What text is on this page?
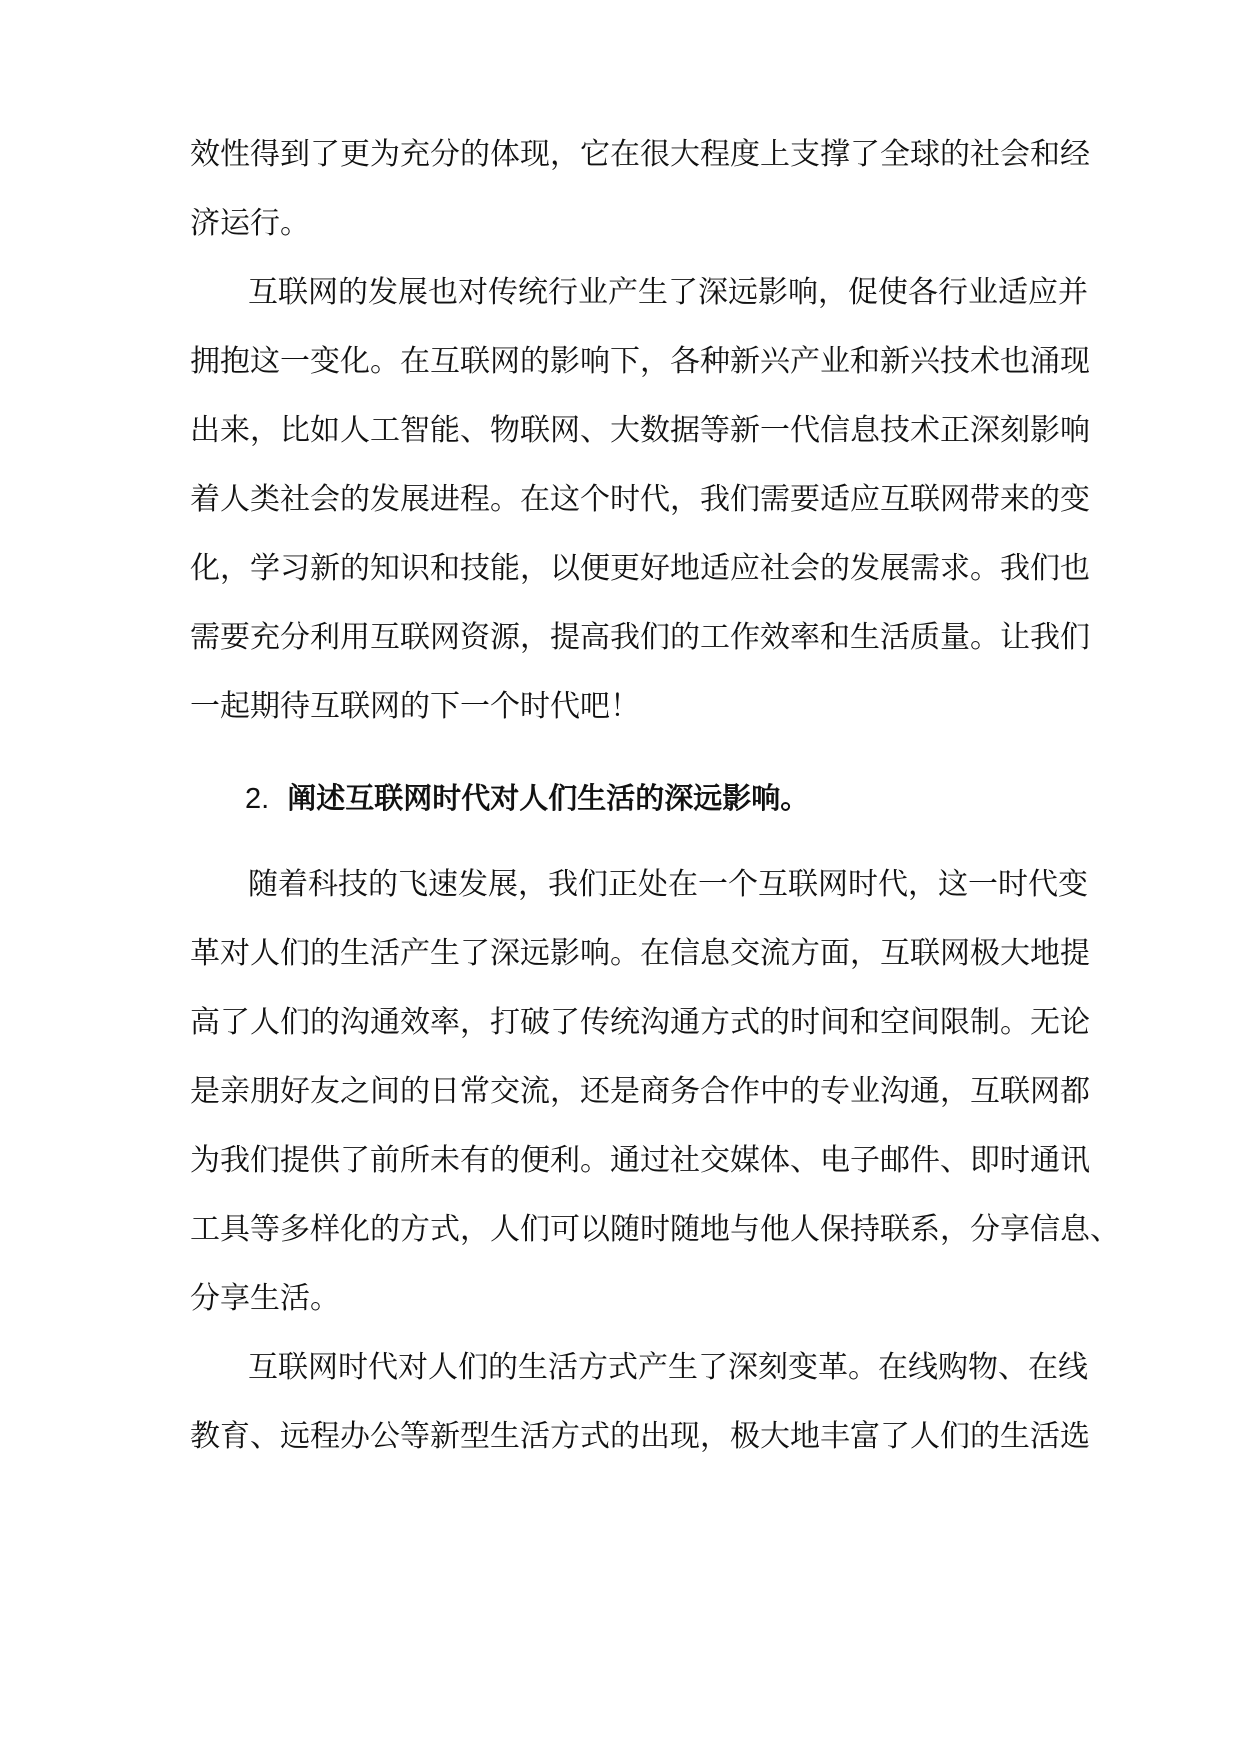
效性得到了更为充分的体现，它在很大程度上支撑了全球的社会和经
济运行。
互联网的发展也对传统行业产生了深远影响，促使各行业适应并
拥抱这一变化。在互联网的影响下，各种新兴产业和新兴技术也涌现
出来，比如人工智能、物联网、大数据等新一代信息技术正深刻影响
着人类社会的发展进程。在这个时代，我们需要适应互联网带来的变
化，学习新的知识和技能，以便更好地适应社会的发展需求。我们也
需要充分利用互联网资源，提高我们的工作效率和生活质量。让我们
一起期待互联网的下一个时代吧！
2. 阐述互联网时代对人们生活的深远影响。
随着科技的飞速发展，我们正处在一个互联网时代，这一时代变
革对人们的生活产生了深远影响。在信息交流方面，互联网极大地提
高了人们的沟通效率，打破了传统沟通方式的时间和空间限制。无论
是亲朋好友之间的日常交流，还是商务合作中的专业沟通，互联网都
为我们提供了前所未有的便利。通过社交媒体、电子邮件、即时通讯
工具等多样化的方式，人们可以随时随地与他人保持联系，分享信息、
分享生活。
互联网时代对人们的生活方式产生了深刻变革。在线购物、在线
教育、远程办公等新型生活方式的出现，极大地丰富了人们的生活选
